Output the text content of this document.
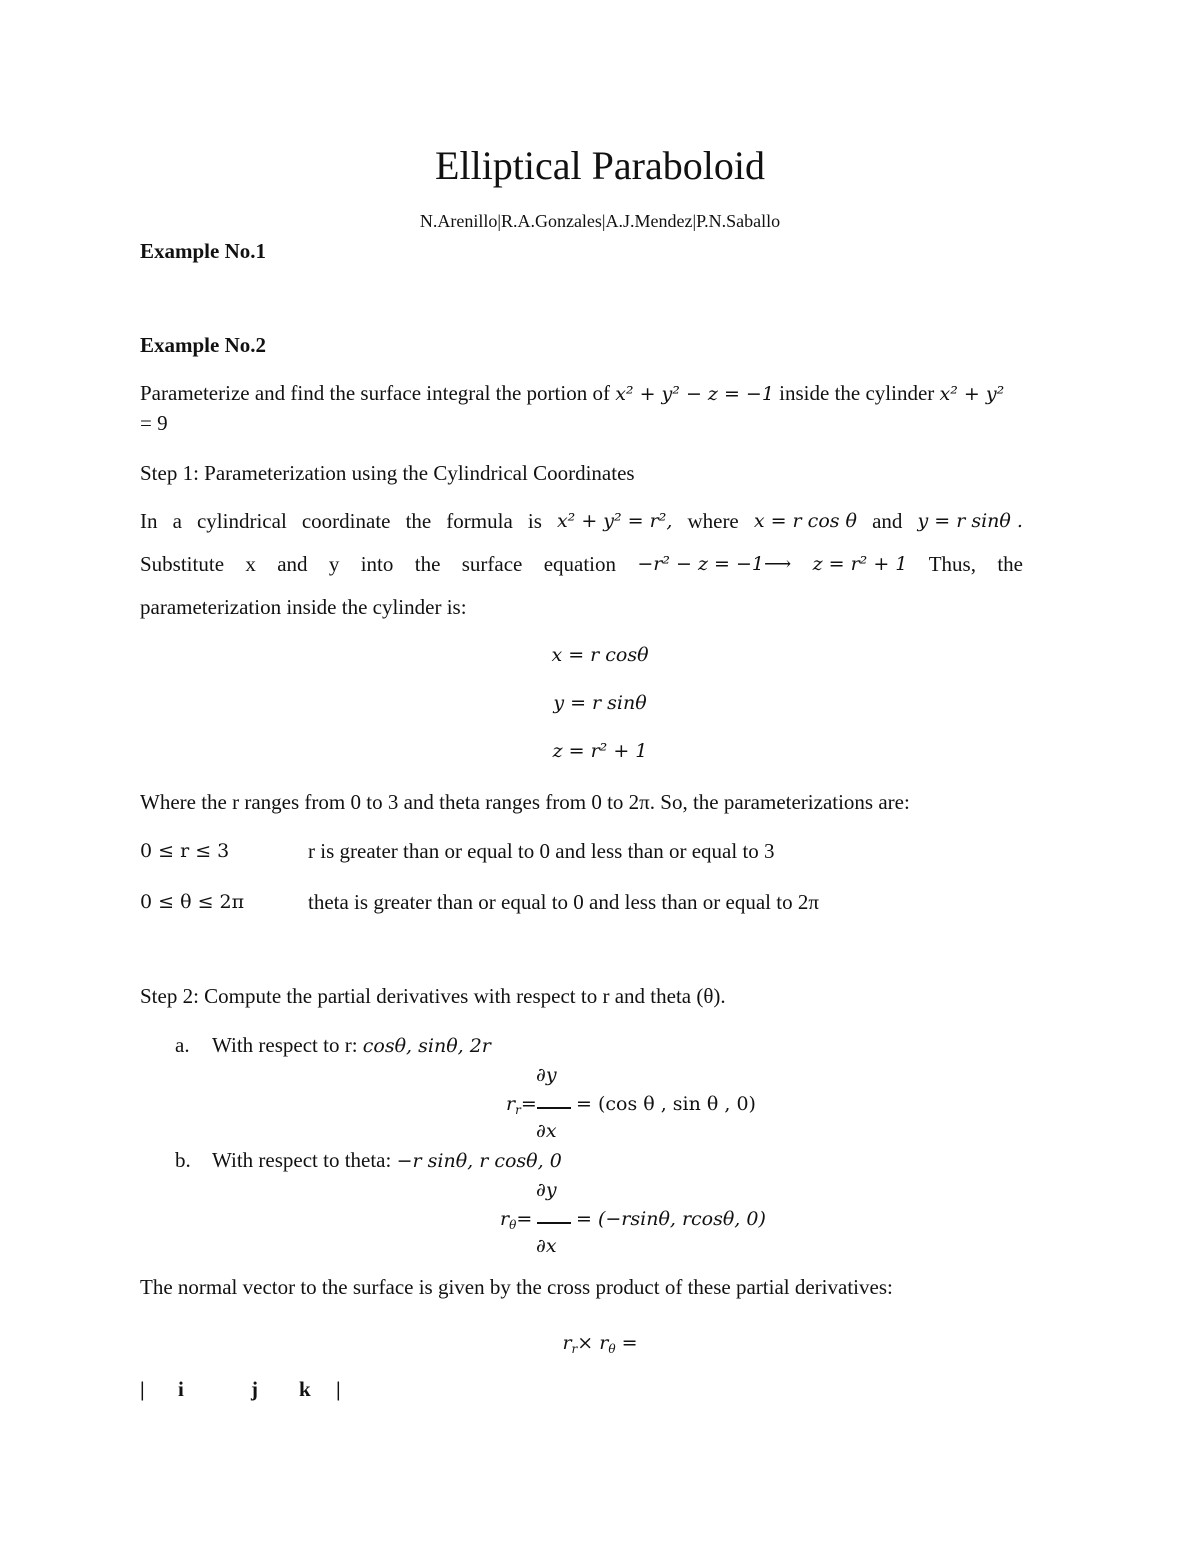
Elliptical Paraboloid
N.Arenillo|R.A.Gonzales|A.J.Mendez|P.N.Saballo
Example No.1
Example No.2
Parameterize and find the surface integral the portion of x² + y² − z = −1 inside the cylinder x² + y²
= 9
Step 1: Parameterization using the Cylindrical Coordinates
In a cylindrical coordinate the formula is x² + y² = r², where x = r cos θ and y = r sinθ .
Substitute x and y into the surface equation −r² − z = −1⟶ z = r² + 1 Thus, the
parameterization inside the cylinder is:
x = r cosθ
y = r sinθ
z = r² + 1
Where the r ranges from 0 to 3 and theta ranges from 0 to 2π. So, the parameterizations are:
0 ≤ r ≤ 3	r is greater than or equal to 0 and less than or equal to 3
0 ≤ θ ≤ 2π	theta is greater than or equal to 0 and less than or equal to 2π
Step 2: Compute the partial derivatives with respect to r and theta (θ).
a. With respect to r: cosθ, sinθ, 2r
∂y
$r_r= = (\cos$ θ , sin θ , 0)
∂x
b. With respect to theta: −r sinθ, r cosθ, 0
∂y
$r_\theta= = (-rsin\theta$, rcosθ, 0)
∂x
The normal vector to the surface is given by the cross product of these partial derivatives:
$r_r\times r_\theta$ =
| i	j k |
